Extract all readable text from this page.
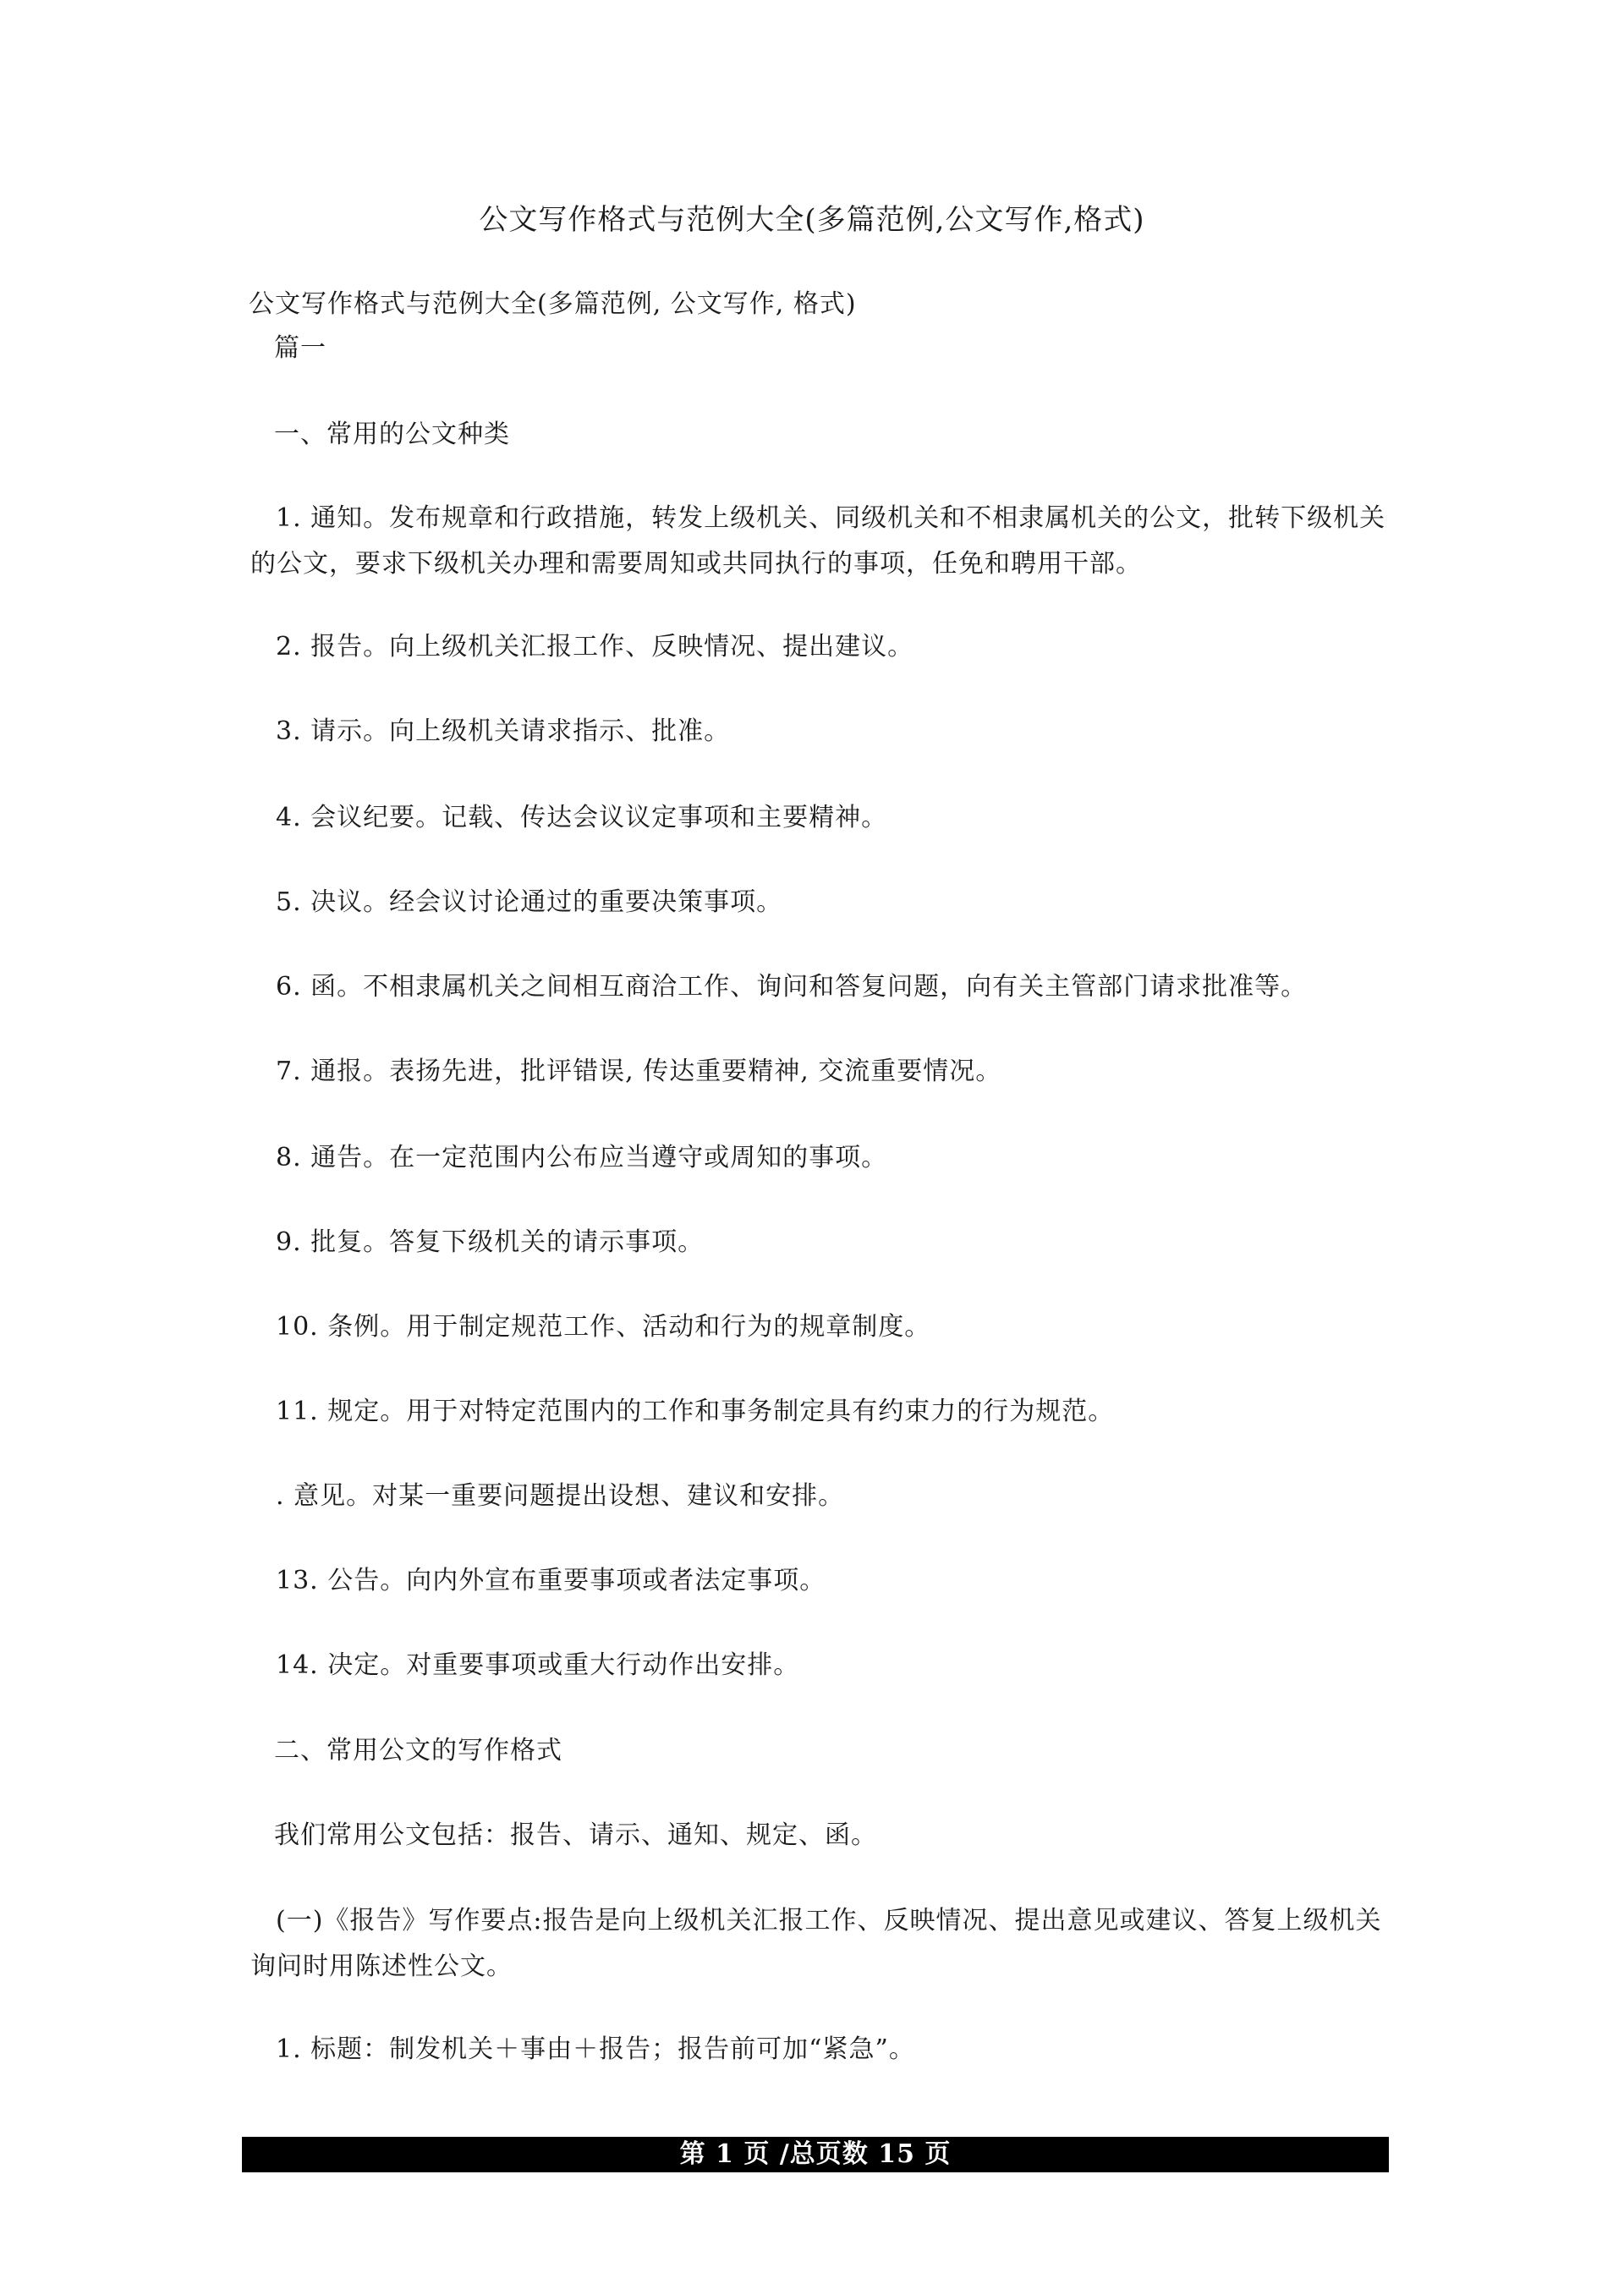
公文写作格式与范例大全(多篇范例,公文写作,格式)
公文写作格式与范例大全(多篇范例, 公文写作, 格式)
篇一
一、常用的公文种类
1. 通知。发布规章和行政措施，转发上级机关、同级机关和不相隶属机关的公文，批转下级机关的公文，要求下级机关办理和需要周知或共同执行的事项，任免和聘用干部。
2. 报告。向上级机关汇报工作、反映情况、提出建议。
3. 请示。向上级机关请求指示、批准。
4. 会议纪要。记载、传达会议议定事项和主要精神。
5. 决议。经会议讨论通过的重要决策事项。
6. 函。不相隶属机关之间相互商洽工作、询问和答复问题，向有关主管部门请求批准等。
7. 通报。表扬先进，批评错误, 传达重要精神, 交流重要情况。
8. 通告。在一定范围内公布应当遵守或周知的事项。
9. 批复。答复下级机关的请示事项。
10. 条例。用于制定规范工作、活动和行为的规章制度。
11. 规定。用于对特定范围内的工作和事务制定具有约束力的行为规范。
. 意见。对某一重要问题提出设想、建议和安排。
13. 公告。向内外宣布重要事项或者法定事项。
14. 决定。对重要事项或重大行动作出安排。
二、常用公文的写作格式
我们常用公文包括：报告、请示、通知、规定、函。
(一)《报告》写作要点:报告是向上级机关汇报工作、反映情况、提出意见或建议、答复上级机关询问时用陈述性公文。
1. 标题：制发机关＋事由＋报告；报告前可加“紧急”。
第 1 页 /总页数 15 页
